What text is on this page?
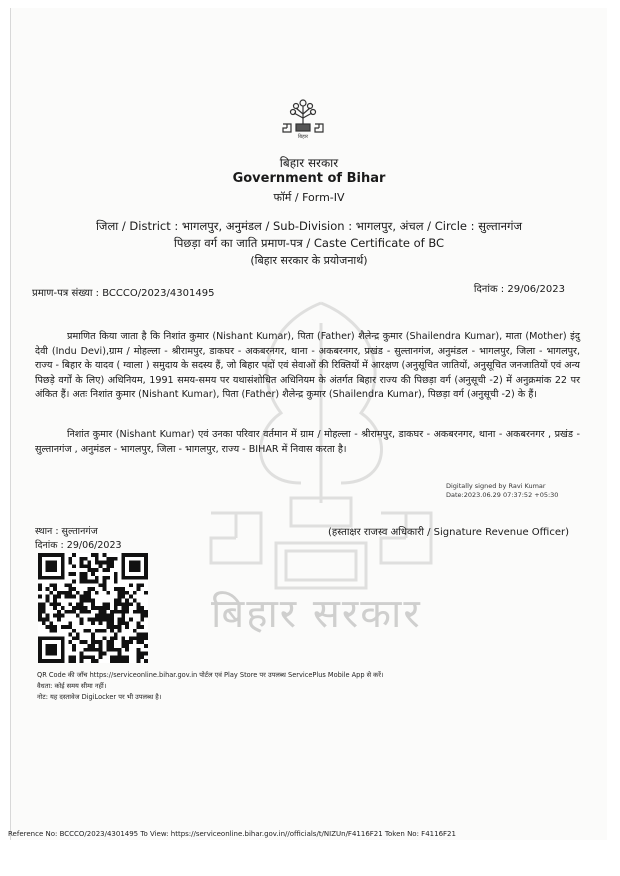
बिहार सरकार
बिहार
बिहार सरकार
Government of Bihar
फॉर्म / Form-IV
जिला / District : भागलपुर, अनुमंडल / Sub-Division : भागलपुर, अंचल / Circle : सुल्तानगंज
पिछड़ा वर्ग का जाति प्रमाण-पत्र / Caste Certificate of BC
(बिहार सरकार के प्रयोजनार्थ)
प्रमाण-पत्र संख्या : BCCCO/2023/4301495	दिनांक : 29/06/2023
प्रमाणित किया जाता है कि निशांत कुमार (Nishant Kumar), पिता (Father) शैलेन्द्र कुमार (Shailendra Kumar), माता (Mother) इंदु देवी (Indu Devi),ग्राम / मोहल्ला - श्रीरामपुर, डाकघर - अकबरनगर, थाना - अकबरनगर, प्रखंड - सुल्तानगंज, अनुमंडल - भागलपुर, जिला - भागलपुर, राज्य - बिहार के यादव ( ग्वाला ) समुदाय के सदस्य हैं, जो बिहार पदों एवं सेवाओं की रिक्तियों में आरक्षण (अनुसूचित जातियों, अनुसूचित जनजातियों एवं अन्य पिछड़े वर्गों के लिए) अधिनियम, 1991 समय-समय पर यथासंशोधित अधिनियम के अंतर्गत बिहार राज्य की पिछड़ा वर्ग (अनुसूची -2) में अनुक्रमांक 22 पर अंकित हैं। अतः निशांत कुमार (Nishant Kumar), पिता (Father) शैलेन्द्र कुमार (Shailendra Kumar), पिछड़ा वर्ग (अनुसूची -2) के हैं।
निशांत कुमार (Nishant Kumar) एवं उनका परिवार वर्तमान में ग्राम / मोहल्ला - श्रीरामपुर, डाकघर - अकबरनगर, थाना - अकबरनगर , प्रखंड - सुल्तानगंज , अनुमंडल - भागलपुर, जिला - भागलपुर, राज्य - BIHAR में निवास करता है।
Digitally signed by Ravi Kumar
Date:2023.06.29 07:37:52 +05:30
स्थान : सुल्तानगंज
दिनांक : 29/06/2023
(हस्ताक्षर राजस्व अधिकारी / Signature Revenue Officer)
QR Code की जाँच https://serviceonline.bihar.gov.in पोर्टल एवं Play Store पर उपलब्ध ServicePlus Mobile App से करें।
वैधता: कोई समय सीमा नहीं।
नोट: यह दस्तावेज DigiLocker पर भी उपलब्ध है।
Reference No: BCCCO/2023/4301495 To View: https://serviceonline.bihar.gov.in//officials/t/NIZUn/F4116F21 Token No: F4116F21
